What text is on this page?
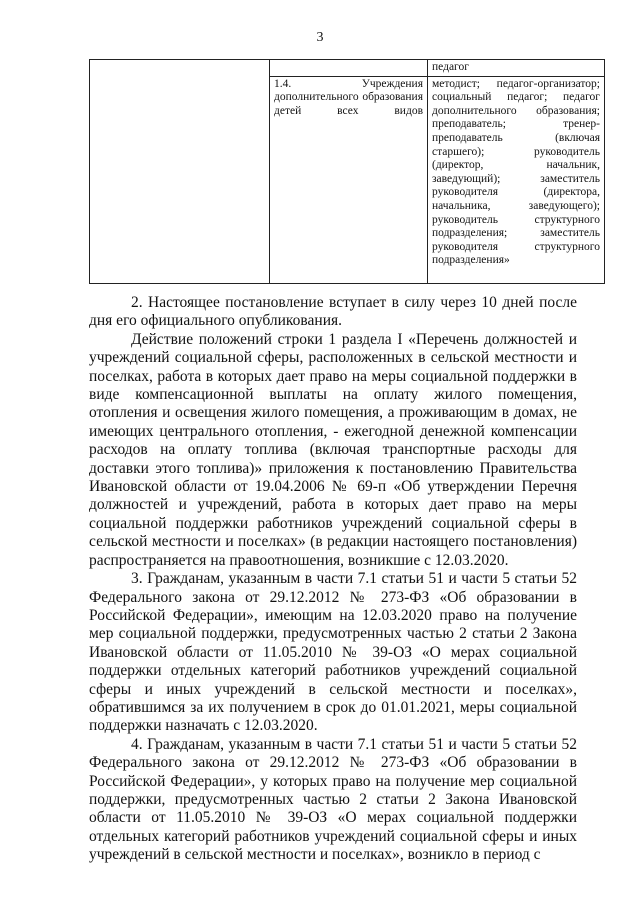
3
		педагог

	1.4. Учреждения дополнительного образования детей всех видов	методист; педагог-организатор; социальный педагог; педагог дополнительного образования; преподаватель; тренер-преподаватель (включая старшего); руководитель (директор, начальник, заведующий); заместитель руководителя (директора, начальника, заведующего); руководитель структурного подразделения; заместитель руководителя структурного подразделения»

2. Настоящее постановление вступает в силу через 10 дней после дня его официального опубликования.

Действие положений строки 1 раздела I «Перечень должностей и учреждений социальной сферы, расположенных в сельской местности и поселках, работа в которых дает право на меры социальной поддержки в виде компенсационной выплаты на оплату жилого помещения, отопления и освещения жилого помещения, а проживающим в домах, не имеющих центрального отопления, - ежегодной денежной компенсации расходов на оплату топлива (включая транспортные расходы для доставки этого топлива)» приложения к постановлению Правительства Ивановской области от 19.04.2006 № 69-п «Об утверждении Перечня должностей и учреждений, работа в которых дает право на меры социальной поддержки работников учреждений социальной сферы в сельской местности и поселках» (в редакции настоящего постановления) распространяется на правоотношения, возникшие с 12.03.2020.

3. Гражданам, указанным в части 7.1 статьи 51 и части 5 статьи 52 Федерального закона от 29.12.2012 № 273-ФЗ «Об образовании в Российской Федерации», имеющим на 12.03.2020 право на получение мер социальной поддержки, предусмотренных частью 2 статьи 2 Закона Ивановской области от 11.05.2010 № 39-ОЗ «О мерах социальной поддержки отдельных категорий работников учреждений социальной сферы и иных учреждений в сельской местности и поселках», обратившимся за их получением в срок до 01.01.2021, меры социальной поддержки назначать с 12.03.2020.

4. Гражданам, указанным в части 7.1 статьи 51 и части 5 статьи 52 Федерального закона от 29.12.2012 № 273-ФЗ «Об образовании в Российской Федерации», у которых право на получение мер социальной поддержки, предусмотренных частью 2 статьи 2 Закона Ивановской области от 11.05.2010 № 39-ОЗ «О мерах социальной поддержки отдельных категорий работников учреждений социальной сферы и иных учреждений в сельской местности и поселках», возникло в период с
